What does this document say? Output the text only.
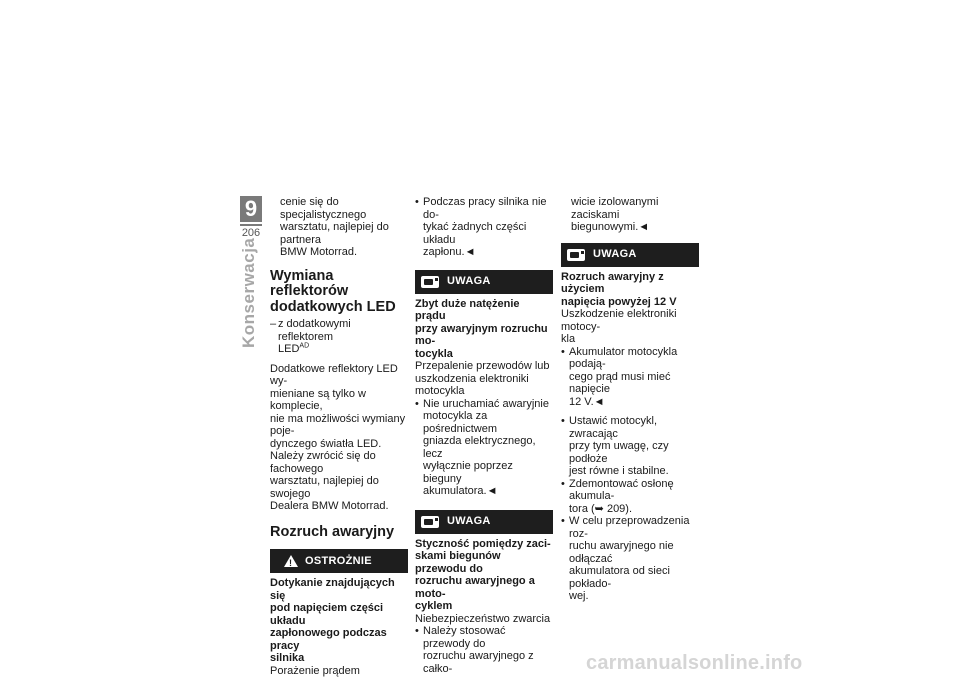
9
206
Konserwacja

cenie się do specjalistycznego

warsztatu, najlepiej do partnera

BMW Motorrad.

Wymiana reflektorów

dodatkowych LED

– z dodatkowymi reflektorem

$LED^{AD}$

Dodatkowe reflektory LED wy-

mieniane są tylko w komplecie,

nie ma możliwości wymiany poje-

dynczego światła LED.

Należy zwrócić się do fachowego

warsztatu, najlepiej do swojego

Dealera BMW Motorrad.

Rozruch awaryjny
!
OSTROŻNIE

Dotykanie znajdujących się

pod napięciem części układu

zapłonowego podczas pracy

silnika

Porażenie prądem

• Podczas pracy silnika nie do-

tykać żadnych części układu

zapłonu.◄

UWAGA

Zbyt duże natężenie prądu

przy awaryjnym rozruchu mo-

tocykla

Przepalenie przewodów lub

uszkodzenia elektroniki motocykla

• Nie uruchamiać awaryjnie

motocykla za pośrednictwem

gniazda elektrycznego, lecz

wyłącznie poprzez bieguny

akumulatora.◄

UWAGA

Styczność pomiędzy zaci-

skami biegunów przewodu do

rozruchu awaryjnego a moto-

cyklem

Niebezpieczeństwo zwarcia

• Należy stosować przewody do

rozruchu awaryjnego z całko-

wicie izolowanymi zaciskami

biegunowymi.◄

UWAGA

Rozruch awaryjny z użyciem

napięcia powyżej 12 V

Uszkodzenie elektroniki motocy-

kla

• Akumulator motocykla podają-

cego prąd musi mieć napięcie

12 V.◄

• Ustawić motocykl, zwracając

przy tym uwagę, czy podłoże

jest równe i stabilne.

• Zdemontować osłonę akumula-

tora (➥ 209).

• W celu przeprowadzenia roz-

ruchu awaryjnego nie odłączać

akumulatora od sieci pokłado-

wej.

carmanualsonline.info
